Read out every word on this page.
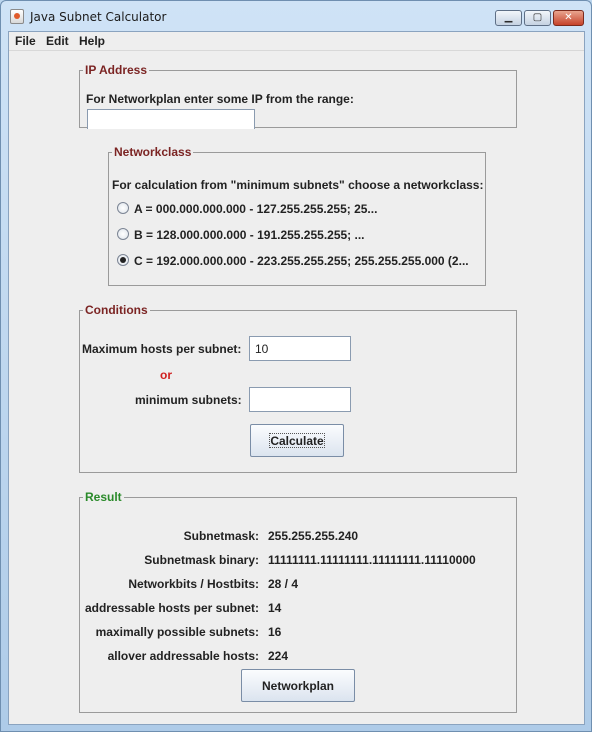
Java Subnet Calculator	▁	▢	✕
File Edit Help
IP Address
For Networkplan enter some IP from the range:
Networkclass
For calculation from "minimum subnets" choose a networkclass:
A = 000.000.000.000 - 127.255.255.255; 25...
B = 128.000.000.000 - 191.255.255.255; ...
C = 192.000.000.000 - 223.255.255.255; 255.255.255.000 (2...
Conditions
Maximum hosts per subnet:
10
or
minimum subnets:
Calculate
Result
Subnetmask: 255.255.255.240
Subnetmask binary: 11111111.11111111.11111111.11110000
Networkbits / Hostbits: 28 / 4
addressable hosts per subnet: 14
maximally possible subnets: 16
allover addressable hosts: 224
Networkplan
